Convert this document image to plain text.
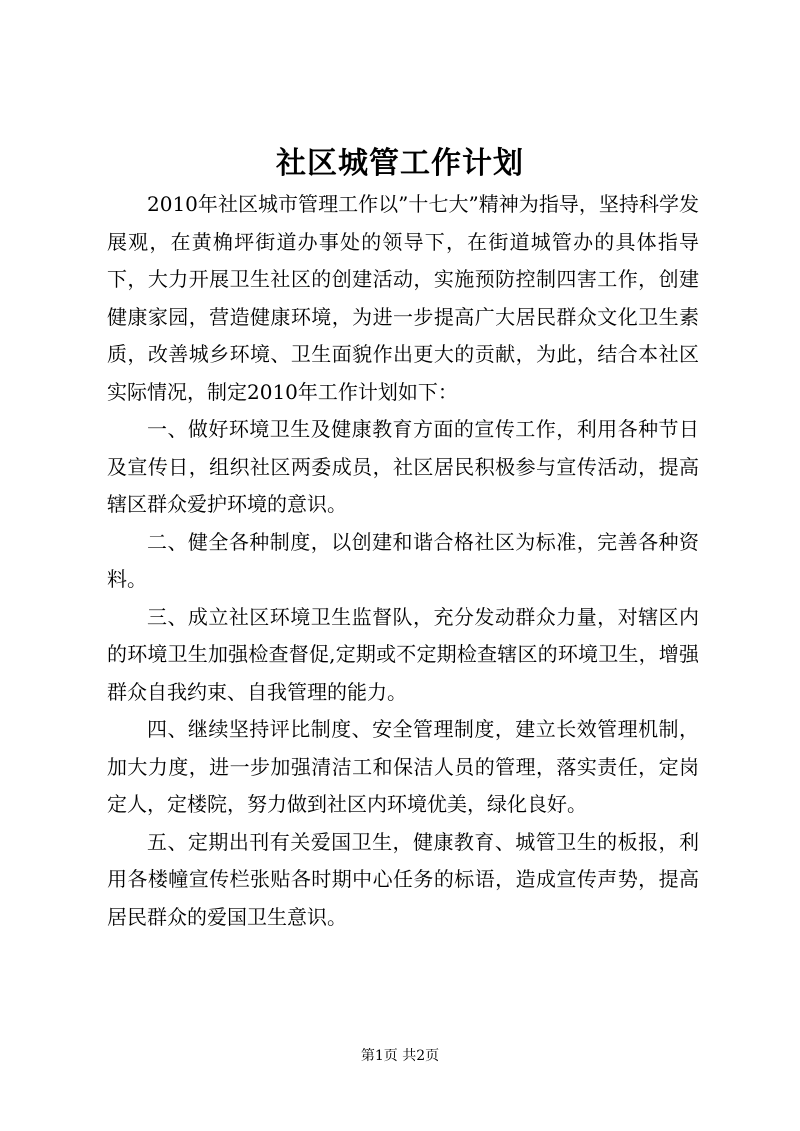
社区城管工作计划

2010年社区城市管理工作以”十七大”精神为指导，坚持科学发展观，在黄桷坪街道办事处的领导下，在街道城管办的具体指导下，大力开展卫生社区的创建活动，实施预防控制四害工作，创建健康家园，营造健康环境，为进一步提高广大居民群众文化卫生素质，改善城乡环境、卫生面貌作出更大的贡献，为此，结合本社区实际情况，制定2010年工作计划如下：

一、做好环境卫生及健康教育方面的宣传工作，利用各种节日及宣传日，组织社区两委成员，社区居民积极参与宣传活动，提高辖区群众爱护环境的意识。

二、健全各种制度，以创建和谐合格社区为标准，完善各种资料。

三、成立社区环境卫生监督队，充分发动群众力量，对辖区内的环境卫生加强检查督促,定期或不定期检查辖区的环境卫生，增强群众自我约束、自我管理的能力。

四、继续坚持评比制度、安全管理制度，建立长效管理机制，加大力度，进一步加强清洁工和保洁人员的管理，落实责任，定岗定人，定楼院，努力做到社区内环境优美，绿化良好。

五、定期出刊有关爱国卫生，健康教育、城管卫生的板报，利用各楼幢宣传栏张贴各时期中心任务的标语，造成宣传声势，提高居民群众的爱国卫生意识。

第1页 共2页
